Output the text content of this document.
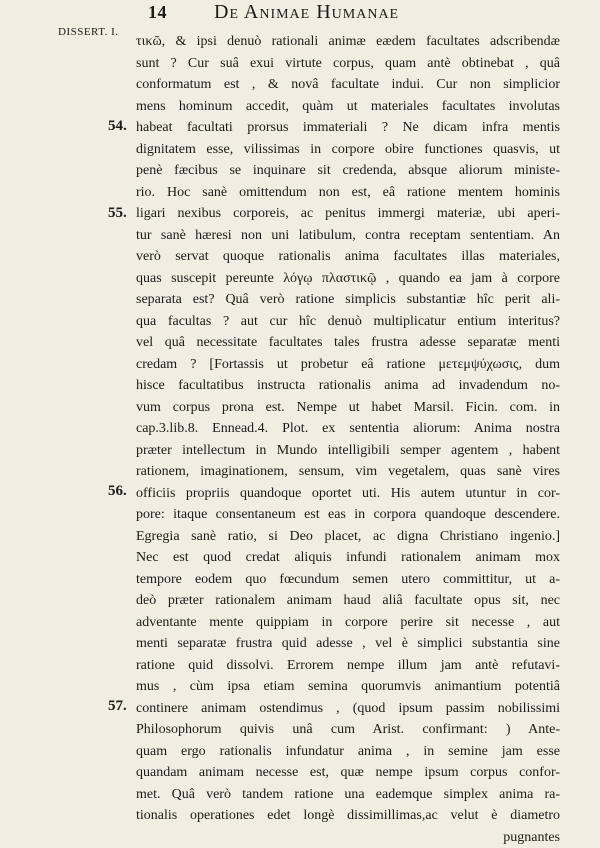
DISSERT. I.
14 De Animae Humanae
54.
55.
56.
57.
τικῶ, & ipsi denuò rationali animæ eædem facultates adscribendæ
sunt ? Cur suâ exui virtute corpus, quam antè obtinebat , quâ
conformatum est , & novâ facultate indui. Cur non simplicior
mens hominum accedit, quàm ut materiales facultates involutas
habeat facultati prorsus immateriali ? Ne dicam infra mentis
dignitatem esse, vilissimas in corpore obire functiones quasvis, ut
penè fæcibus se inquinare sit credenda, absque aliorum ministe-
rio. Hoc sanè omittendum non est, eâ ratione mentem hominis
ligari nexibus corporeis, ac penitus immergi materiæ, ubi aperi-
tur sanè hæresi non uni latibulum, contra receptam sententiam. An
verò servat quoque rationalis anima facultates illas materiales,
quas suscepit pereunte λόγῳ πλαστικῷ , quando ea jam à corpore
separata est? Quâ verò ratione simplicis substantiæ hîc perit ali-
qua facultas ? aut cur hîc denuò multiplicatur entium interitus?
vel quâ necessitate facultates tales frustra adesse separatæ menti
credam ? [Fortassis ut probetur eâ ratione μετεμψύχωσις, dum
hisce facultatibus instructa rationalis anima ad invadendum no-
vum corpus prona est. Nempe ut habet Marsil. Ficin. com. in
cap.3.lib.8. Ennead.4. Plot. ex sententia aliorum: Anima nostra
præter intellectum in Mundo intelligibili semper agentem , habent
rationem, imaginationem, sensum, vim vegetalem, quas sanè vires
officiis propriis quandoque oportet uti. His autem utuntur in cor-
pore: itaque consentaneum est eas in corpora quandoque descendere.
Egregia sanè ratio, si Deo placet, ac digna Christiano ingenio.]
Nec est quod credat aliquis infundi rationalem animam mox
tempore eodem quo fœcundum semen utero committitur, ut a-
deò præter rationalem animam haud aliâ facultate opus sit, nec
adventante mente quippiam in corpore perire sit necesse , aut
menti separatæ frustra quid adesse , vel è simplici substantia sine
ratione quid dissolvi. Errorem nempe illum jam antè refutavi-
mus , cùm ipsa etiam semina quorumvis animantium potentiâ
continere animam ostendimus , (quod ipsum passim nobilissimi
Philosophorum quivis unâ cum Arist. confirmant: ) Ante-
quam ergo rationalis infundatur anima , in semine jam esse
quandam animam necesse est, quæ nempe ipsum corpus confor-
met. Quâ verò tandem ratione una eademque simplex anima ra-
tionalis operationes edet longè dissimillimas,ac velut è diametro
pugnantes
